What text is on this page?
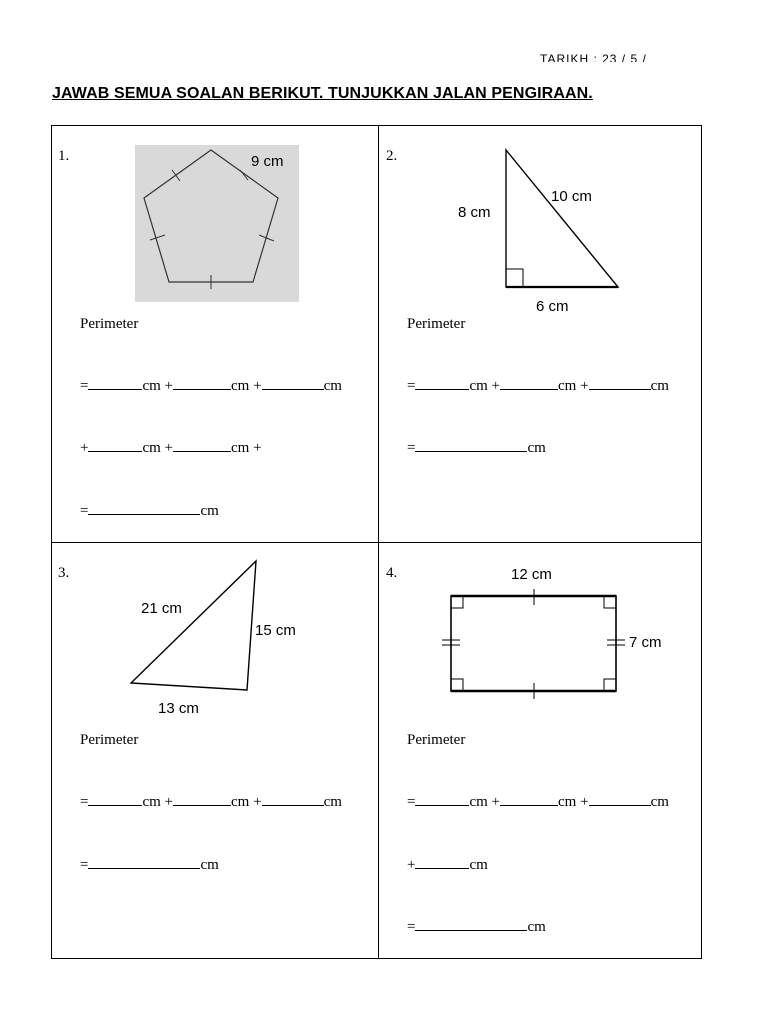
TARIKH : 23 / 5 /
JAWAB SEMUA SOALAN BERIKUT. TUNJUKKAN JALAN PENGIRAAN.
1.	9 cm
Perimeter
=	cm +	cm +	cm
+	cm +	cm +
=	cm
2.
8 cm
10 cm
6 cm
Perimeter
=	cm +	cm +	cm
=	cm
3.
21 cm
15 cm
13 cm
Perimeter
=	cm +	cm +	cm
=	cm
4.	12 cm
7 cm
Perimeter
=	cm +	cm +	cm
+	cm
=	cm
